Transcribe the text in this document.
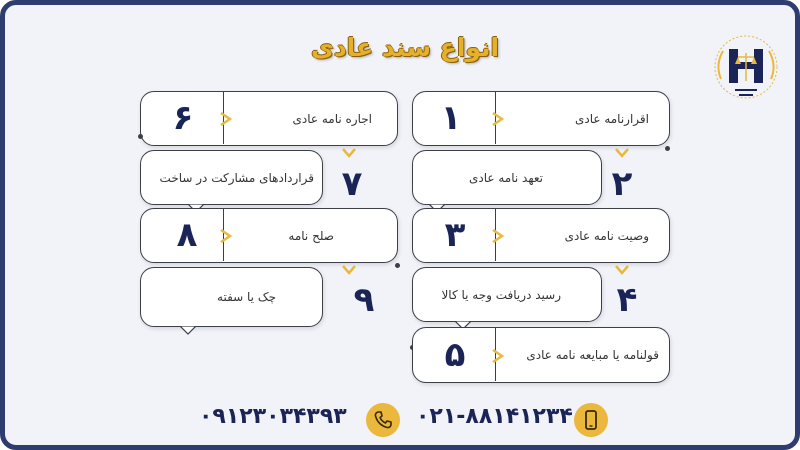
انواع سند عادی
۱	اقرارنامه عادی
تعهد نامه عادی ۲
۳	وصیت نامه عادی
رسید دریافت وجه یا کالا ۴
۵	قولنامه یا مبایعه نامه عادی
۶	اجاره نامه عادی
قراردادهای مشارکت در ساخت ۷
۸	صلح نامه
چک یا سفته ۹
۰۲۱-۸۸۱۴۱۲۳۴
۰۹۱۲۳۰۳۴۳۹۳
